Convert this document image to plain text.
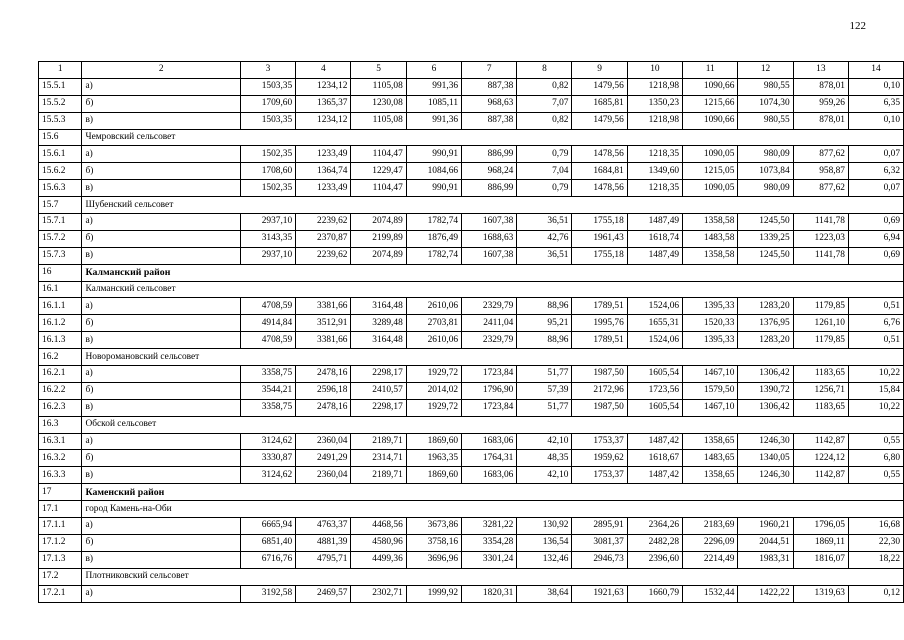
122
1	2	3	4	5	6	7	8	9	10	11	12	13	14
15.5.1	а)	1503,35	1234,12	1105,08	991,36	887,38	0,82	1479,56	1218,98	1090,66	980,55	878,01	0,10
15.5.2	б)	1709,60	1365,37	1230,08	1085,11	968,63	7,07	1685,81	1350,23	1215,66	1074,30	959,26	6,35
15.5.3	в)	1503,35	1234,12	1105,08	991,36	887,38	0,82	1479,56	1218,98	1090,66	980,55	878,01	0,10
15.6	Чемровский сельсовет												
15.6.1	а)	1502,35	1233,49	1104,47	990,91	886,99	0,79	1478,56	1218,35	1090,05	980,09	877,62	0,07
15.6.2	б)	1708,60	1364,74	1229,47	1084,66	968,24	7,04	1684,81	1349,60	1215,05	1073,84	958,87	6,32
15.6.3	в)	1502,35	1233,49	1104,47	990,91	886,99	0,79	1478,56	1218,35	1090,05	980,09	877,62	0,07
15.7	Шубенский сельсовет												
15.7.1	а)	2937,10	2239,62	2074,89	1782,74	1607,38	36,51	1755,18	1487,49	1358,58	1245,50	1141,78	0,69
15.7.2	б)	3143,35	2370,87	2199,89	1876,49	1688,63	42,76	1961,43	1618,74	1483,58	1339,25	1223,03	6,94
15.7.3	в)	2937,10	2239,62	2074,89	1782,74	1607,38	36,51	1755,18	1487,49	1358,58	1245,50	1141,78	0,69
16	Калманский район												
16.1	Калманский сельсовет												
16.1.1	а)	4708,59	3381,66	3164,48	2610,06	2329,79	88,96	1789,51	1524,06	1395,33	1283,20	1179,85	0,51
16.1.2	б)	4914,84	3512,91	3289,48	2703,81	2411,04	95,21	1995,76	1655,31	1520,33	1376,95	1261,10	6,76
16.1.3	в)	4708,59	3381,66	3164,48	2610,06	2329,79	88,96	1789,51	1524,06	1395,33	1283,20	1179,85	0,51
16.2	Новоромановский сельсовет												
16.2.1	а)	3358,75	2478,16	2298,17	1929,72	1723,84	51,77	1987,50	1605,54	1467,10	1306,42	1183,65	10,22
16.2.2	б)	3544,21	2596,18	2410,57	2014,02	1796,90	57,39	2172,96	1723,56	1579,50	1390,72	1256,71	15,84
16.2.3	в)	3358,75	2478,16	2298,17	1929,72	1723,84	51,77	1987,50	1605,54	1467,10	1306,42	1183,65	10,22
16.3	Обской сельсовет												
16.3.1	а)	3124,62	2360,04	2189,71	1869,60	1683,06	42,10	1753,37	1487,42	1358,65	1246,30	1142,87	0,55
16.3.2	б)	3330,87	2491,29	2314,71	1963,35	1764,31	48,35	1959,62	1618,67	1483,65	1340,05	1224,12	6,80
16.3.3	в)	3124,62	2360,04	2189,71	1869,60	1683,06	42,10	1753,37	1487,42	1358,65	1246,30	1142,87	0,55
17	Каменский район												
17.1	город Камень-на-Оби												
17.1.1	а)	6665,94	4763,37	4468,56	3673,86	3281,22	130,92	2895,91	2364,26	2183,69	1960,21	1796,05	16,68
17.1.2	б)	6851,40	4881,39	4580,96	3758,16	3354,28	136,54	3081,37	2482,28	2296,09	2044,51	1869,11	22,30
17.1.3	в)	6716,76	4795,71	4499,36	3696,96	3301,24	132,46	2946,73	2396,60	2214,49	1983,31	1816,07	18,22
17.2	Плотниковский сельсовет												
17.2.1	а)	3192,58	2469,57	2302,71	1999,92	1820,31	38,64	1921,63	1660,79	1532,44	1422,22	1319,63	0,12
